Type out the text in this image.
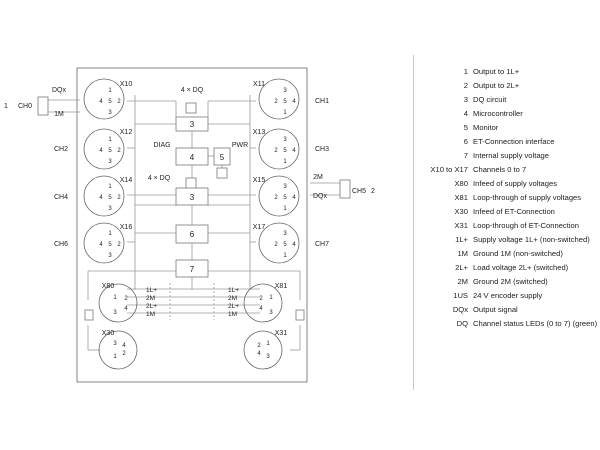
3
4	5
3
6
7
4 × DQ
4 × DQ
DIAG	PWR
X10	X11
X12	X13
X14	X15
X16	X17
X80	X81
X30	X31
CH0
CH1
CH2	CH3
CH4
CH5
CH6	CH7
1
2
DQx
1M
2M
DQx
1
4 5 2
3
3
2 5 4
1
1
4 5 2
3
3
2 5 4
1
1
4 5 2
3
3
2 5 4
1
1
4 5 2
3
3
2 5 4
1
1 2
4
3
1
2
4
3
3 4
2
1
1
2
4 3
1L+
2M
2L+
1M
1L+
2M
2L+
1M
1 Output to 1L+
2 Output to 2L+
3 DQ circuit
4 Microcontroller
5 Monitor
6 ET-Connection interface
7 Internal supply voltage
X10 to X17 Channels 0 to 7
X80 Infeed of supply voltages
X81 Loop-through of supply voltages
X30 Infeed of ET-Connection
X31 Loop-through of ET-Connection
1L+ Supply voltage 1L+ (non-switched)
1M Ground 1M (non-switched)
2L+ Load voltage 2L+ (switched)
2M Ground 2M (switched)
1US 24 V encoder supply
DQx Output signal
DQ Channel status LEDs (0 to 7) (green)
